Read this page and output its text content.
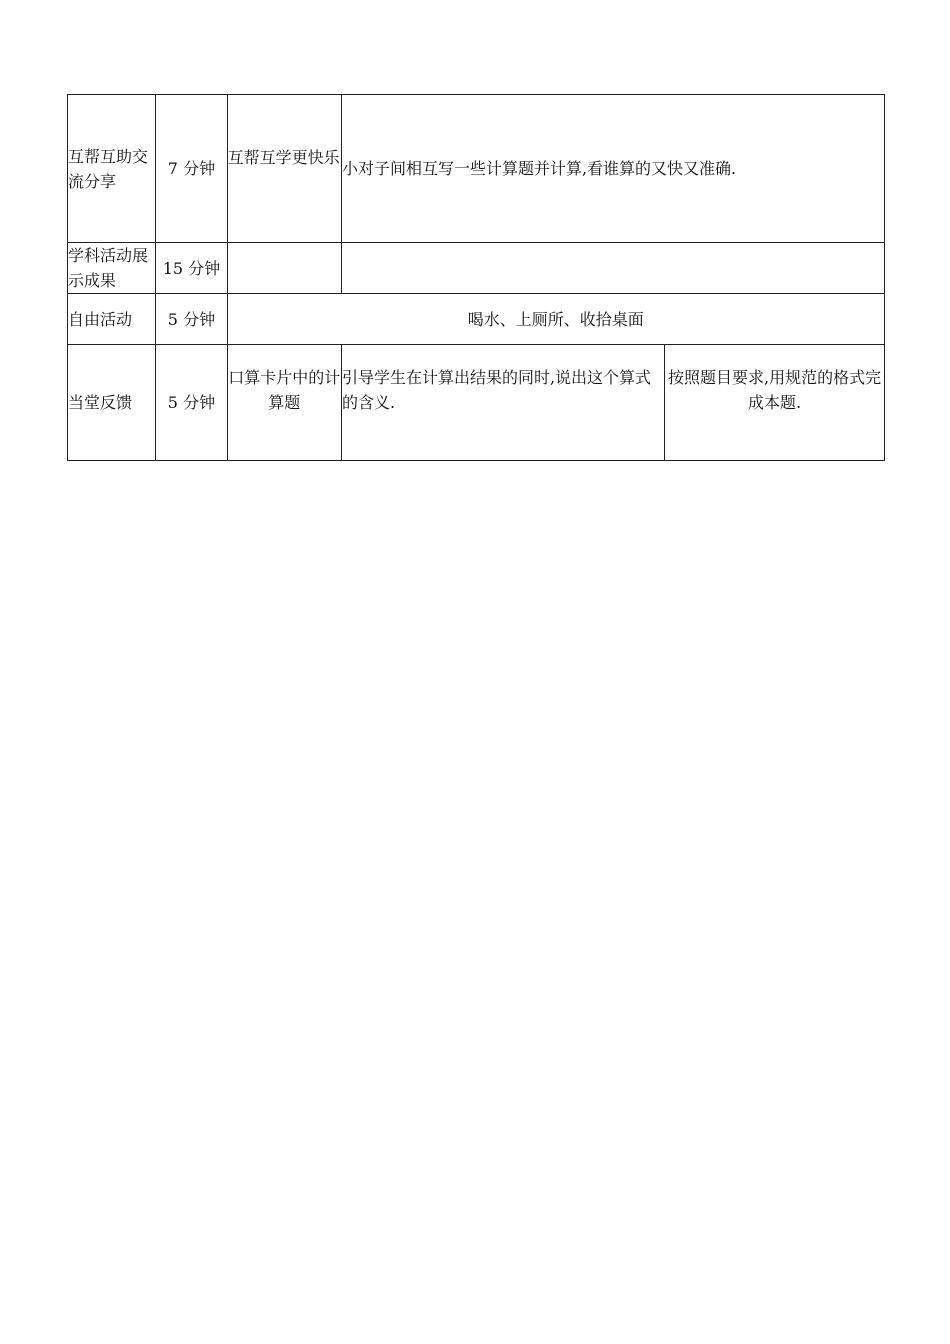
互帮互助交流分享	7 分钟	互帮互学更快乐	小对子间相互写一些计算题并计算,看谁算的又快又准确.	
学科活动展示成果	15 分钟			
自由活动	5 分钟	喝水、上厕所、收拾桌面		
当堂反馈	5 分钟	口算卡片中的计算题	引导学生在计算出结果的同时,说出这个算式的含义.	按照题目要求,用规范的格式完成本题.
